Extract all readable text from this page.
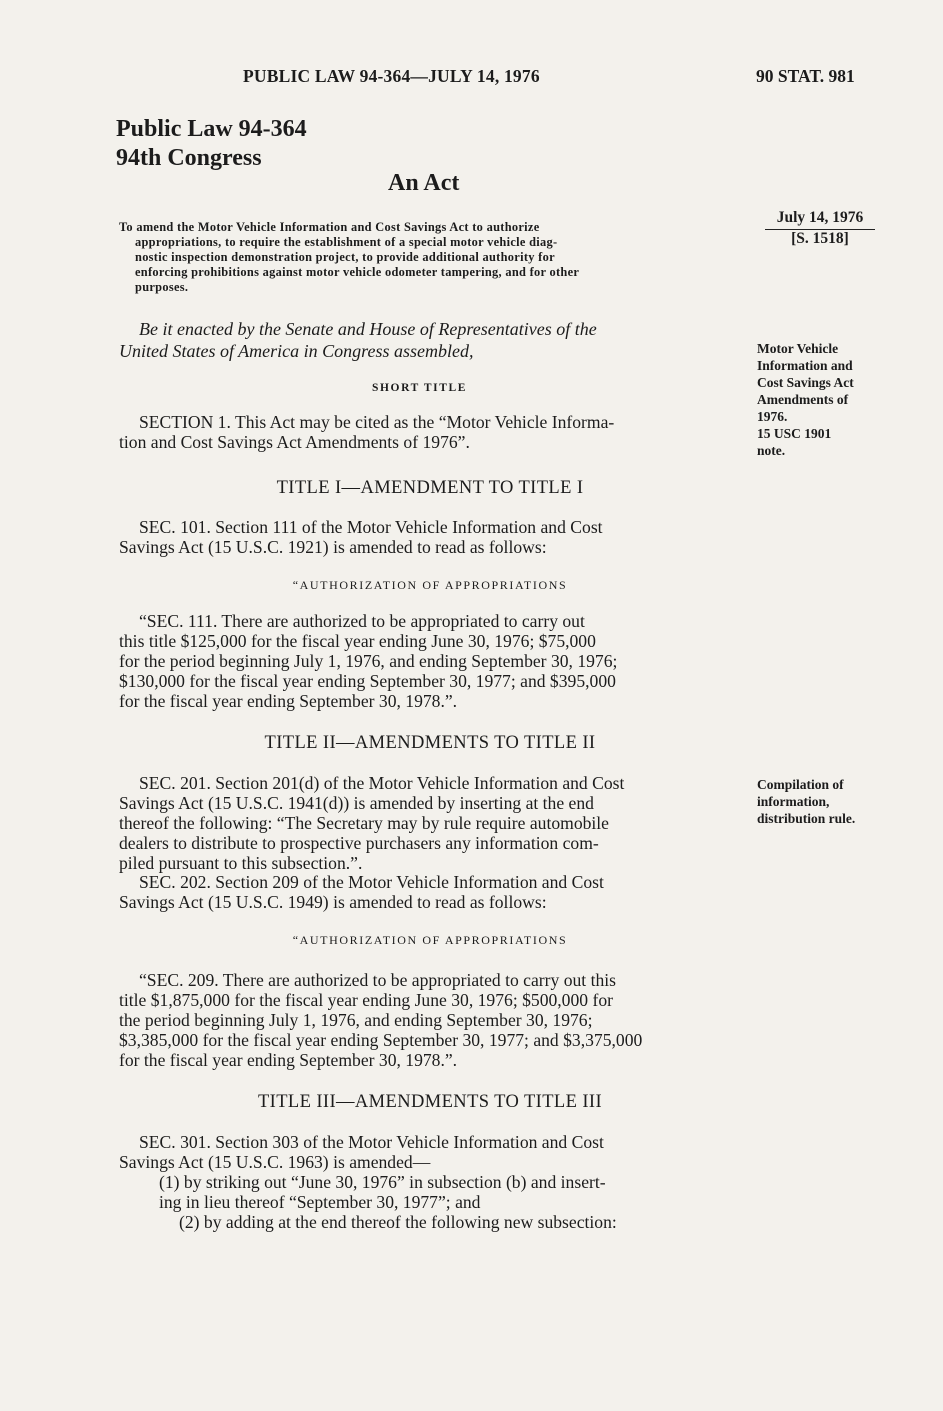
PUBLIC LAW 94-364—JULY 14, 1976	90 STAT. 981
Public Law 94-364
94th Congress
An Act
To amend the Motor Vehicle Information and Cost Savings Act to authorize
appropriations, to require the establishment of a special motor vehicle diag-
nostic inspection demonstration project, to provide additional authority for
enforcing prohibitions against motor vehicle odometer tampering, and for other
purposes.
July 14, 1976
[S. 1518]
Be it enacted by the Senate and House of Representatives of the
United States of America in Congress assembled,	Motor Vehicle
Information and
Cost Savings Act
Amendments of
1976.
15 USC 1901
note.
SHORT TITLE
SECTION 1. This Act may be cited as the “Motor Vehicle Informa-
tion and Cost Savings Act Amendments of 1976”.
TITLE I—AMENDMENT TO TITLE I
SEC. 101. Section 111 of the Motor Vehicle Information and Cost
Savings Act (15 U.S.C. 1921) is amended to read as follows:
“AUTHORIZATION OF APPROPRIATIONS
“SEC. 111. There are authorized to be appropriated to carry out
this title $125,000 for the fiscal year ending June 30, 1976; $75,000
for the period beginning July 1, 1976, and ending September 30, 1976;
$130,000 for the fiscal year ending September 30, 1977; and $395,000
for the fiscal year ending September 30, 1978.”.
TITLE II—AMENDMENTS TO TITLE II
SEC. 201. Section 201(d) of the Motor Vehicle Information and Cost
Savings Act (15 U.S.C. 1941(d)) is amended by inserting at the end
thereof the following: “The Secretary may by rule require automobile
dealers to distribute to prospective purchasers any information com-
piled pursuant to this subsection.”.
Compilation of
information,
distribution rule.
SEC. 202. Section 209 of the Motor Vehicle Information and Cost
Savings Act (15 U.S.C. 1949) is amended to read as follows:
“AUTHORIZATION OF APPROPRIATIONS
“SEC. 209. There are authorized to be appropriated to carry out this
title $1,875,000 for the fiscal year ending June 30, 1976; $500,000 for
the period beginning July 1, 1976, and ending September 30, 1976;
$3,385,000 for the fiscal year ending September 30, 1977; and $3,375,000
for the fiscal year ending September 30, 1978.”.
TITLE III—AMENDMENTS TO TITLE III
SEC. 301. Section 303 of the Motor Vehicle Information and Cost
Savings Act (15 U.S.C. 1963) is amended—
(1) by striking out “June 30, 1976” in subsection (b) and insert-
ing in lieu thereof “September 30, 1977”; and
(2) by adding at the end thereof the following new subsection:
